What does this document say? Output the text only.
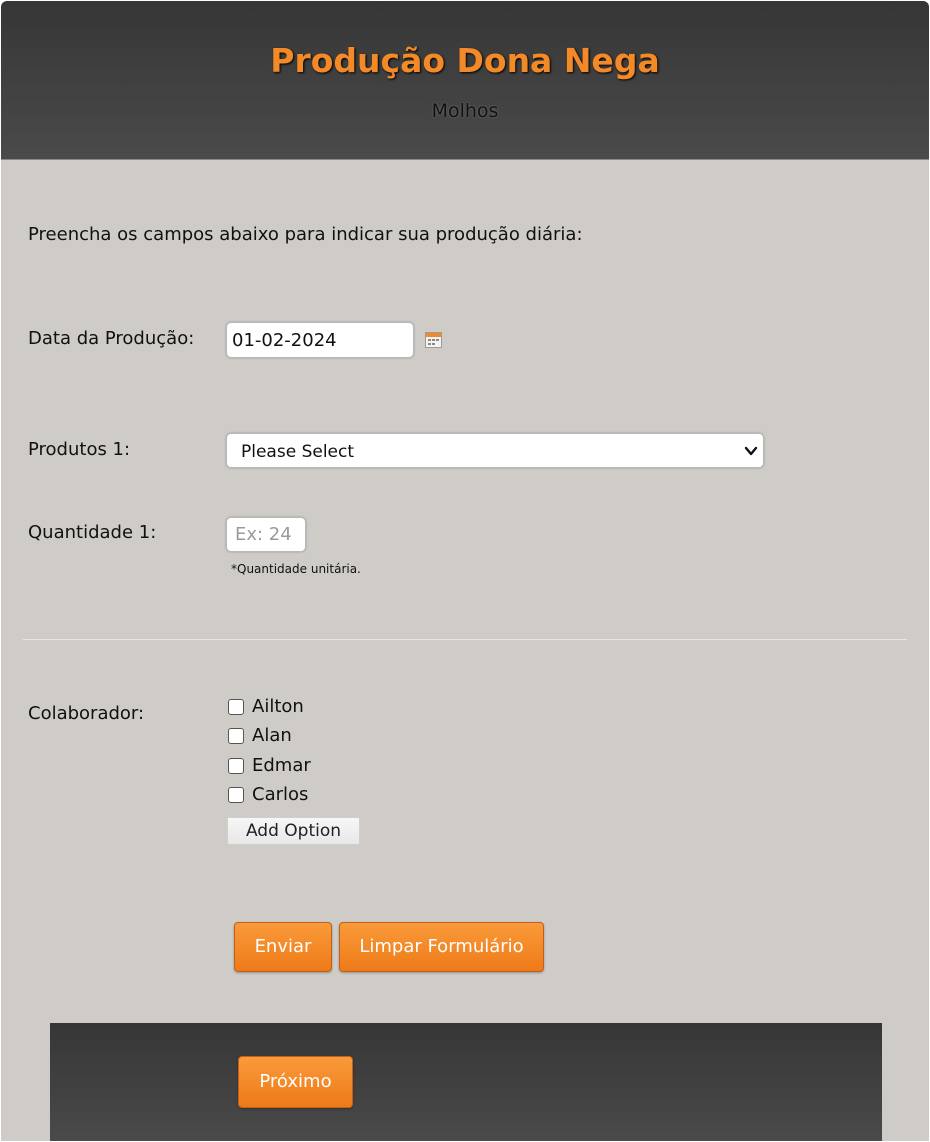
Produção Dona Nega
Molhos
Preencha os campos abaixo para indicar sua produção diária:
Data da Produção:
01-02-2024
Produtos 1:	Please Select
Quantidade 1:
Ex: 24
*Quantidade unitária.
Colaborador:	Ailton
Alan
Edmar
Carlos
Add Option
Enviar	Limpar Formulário
Próximo
